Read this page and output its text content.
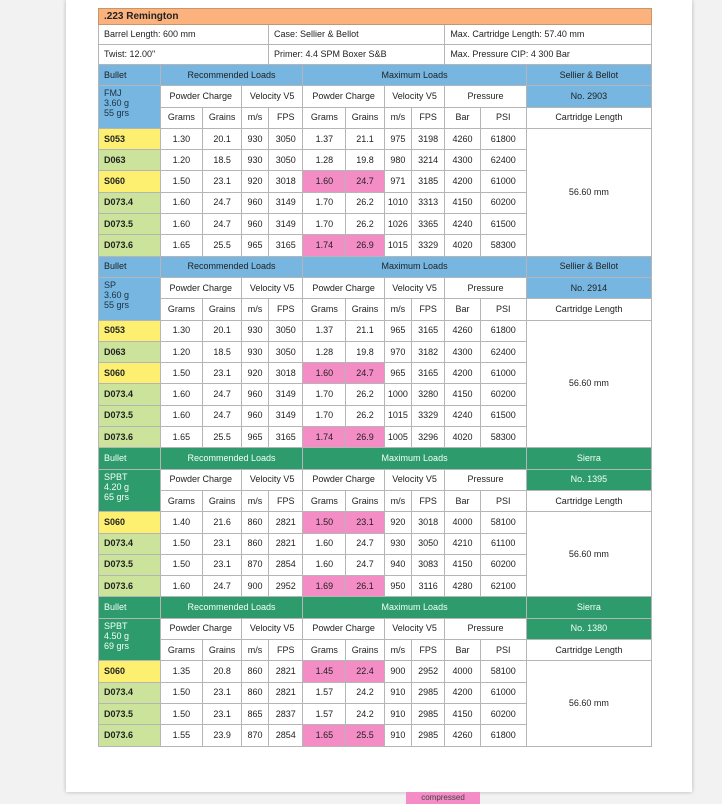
.223 Remington											
Barrel Length: 600 mm				Case: Sellier & Bellot					Max. Cartridge Length: 57.40 mm		
Twist: 12.00"				Primer: 4.4 SPM Boxer S&B					Max. Pressure CIP: 4 300 Bar		
Bullet	Recommended Loads				Maximum Loads						Sellier & Bellot
FMJ
3.60 g
55 grs	Powder Charge		Velocity V5		Powder Charge		Velocity V5		Pressure		No. 2903
	Grams	Grains	m/s	FPS	Grams	Grains	m/s	FPS	Bar	PSI	Cartridge Length
S053	1.30	20.1	930	3050	1.37	21.1	975	3198	4260	61800	56.60 mm
D063	1.20	18.5	930	3050	1.28	19.8	980	3214	4300	62400	
S060	1.50	23.1	920	3018	1.60	24.7	971	3185	4200	61000	
D073.4	1.60	24.7	960	3149	1.70	26.2	1010	3313	4150	60200	
D073.5	1.60	24.7	960	3149	1.70	26.2	1026	3365	4240	61500	
D073.6	1.65	25.5	965	3165	1.74	26.9	1015	3329	4020	58300	
Bullet	Recommended Loads				Maximum Loads						Sellier & Bellot
SP
3.60 g
55 grs	Powder Charge		Velocity V5		Powder Charge		Velocity V5		Pressure		No. 2914
	Grams	Grains	m/s	FPS	Grams	Grains	m/s	FPS	Bar	PSI	Cartridge Length
S053	1.30	20.1	930	3050	1.37	21.1	965	3165	4260	61800	56.60 mm
D063	1.20	18.5	930	3050	1.28	19.8	970	3182	4300	62400	
S060	1.50	23.1	920	3018	1.60	24.7	965	3165	4200	61000	
D073.4	1.60	24.7	960	3149	1.70	26.2	1000	3280	4150	60200	
D073.5	1.60	24.7	960	3149	1.70	26.2	1015	3329	4240	61500	
D073.6	1.65	25.5	965	3165	1.74	26.9	1005	3296	4020	58300	
Bullet	Recommended Loads				Maximum Loads						Sierra
SPBT
4.20 g
65 grs	Powder Charge		Velocity V5		Powder Charge		Velocity V5		Pressure		No. 1395
	Grams	Grains	m/s	FPS	Grams	Grains	m/s	FPS	Bar	PSI	Cartridge Length
S060	1.40	21.6	860	2821	1.50	23.1	920	3018	4000	58100	56.60 mm
D073.4	1.50	23.1	860	2821	1.60	24.7	930	3050	4210	61100	
D073.5	1.50	23.1	870	2854	1.60	24.7	940	3083	4150	60200	
D073.6	1.60	24.7	900	2952	1.69	26.1	950	3116	4280	62100	
Bullet	Recommended Loads				Maximum Loads						Sierra
SPBT
4.50 g
69 grs	Powder Charge		Velocity V5		Powder Charge		Velocity V5		Pressure		No. 1380
	Grams	Grains	m/s	FPS	Grams	Grains	m/s	FPS	Bar	PSI	Cartridge Length
S060	1.35	20.8	860	2821	1.45	22.4	900	2952	4000	58100	56.60 mm
D073.4	1.50	23.1	860	2821	1.57	24.2	910	2985	4200	61000	
D073.5	1.50	23.1	865	2837	1.57	24.2	910	2985	4150	60200	
D073.6	1.55	23.9	870	2854	1.65	25.5	910	2985	4260	61800	
compressed
